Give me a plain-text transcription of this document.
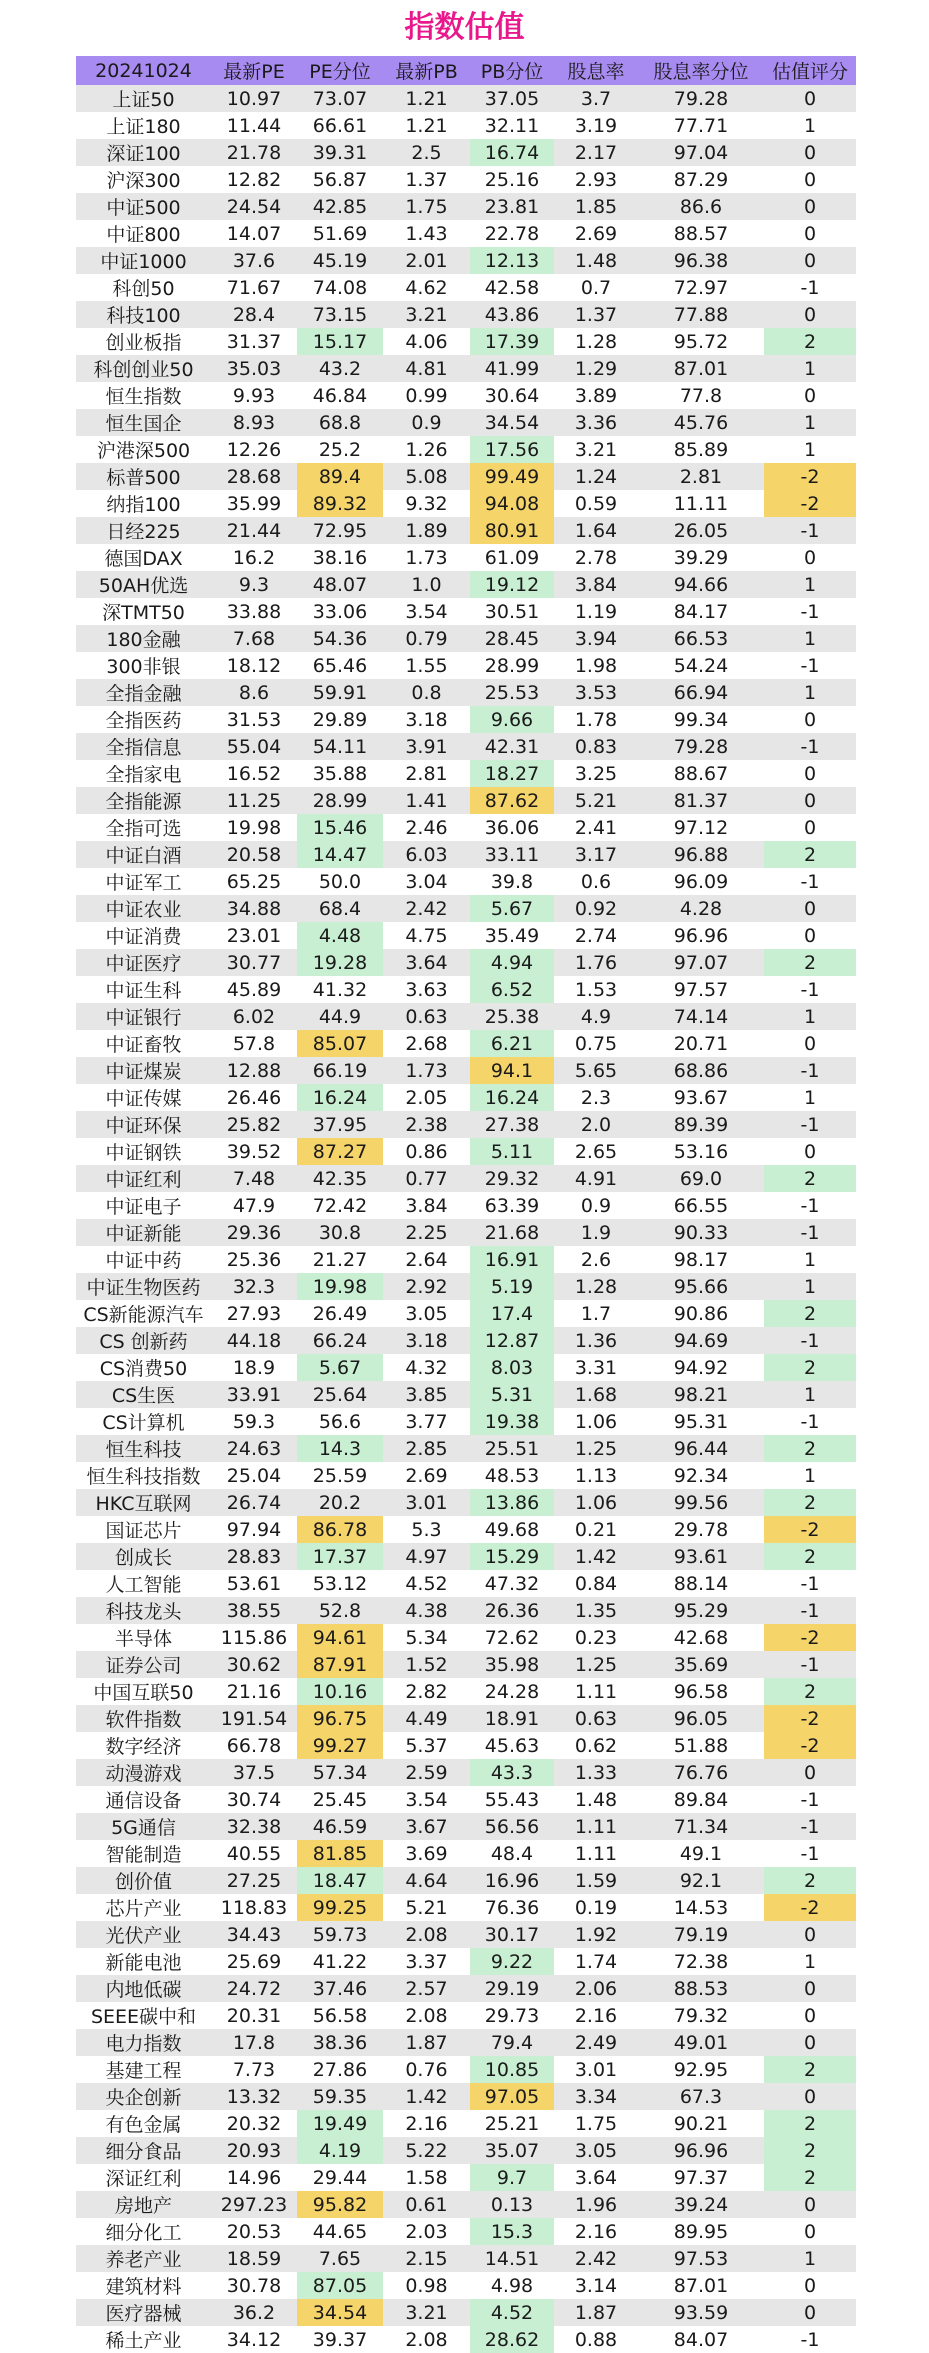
指数估值
20241024	最新PE	PE分位	最新PB	PB分位	股息率	股息率分位	估值评分
上证50	10.97	73.07	1.21	37.05	3.7	79.28	0
上证180	11.44	66.61	1.21	32.11	3.19	77.71	1
深证100	21.78	39.31	2.5	16.74	2.17	97.04	0
沪深300	12.82	56.87	1.37	25.16	2.93	87.29	0
中证500	24.54	42.85	1.75	23.81	1.85	86.6	0
中证800	14.07	51.69	1.43	22.78	2.69	88.57	0
中证1000	37.6	45.19	2.01	12.13	1.48	96.38	0
科创50	71.67	74.08	4.62	42.58	0.7	72.97	-1
科技100	28.4	73.15	3.21	43.86	1.37	77.88	0
创业板指	31.37	15.17	4.06	17.39	1.28	95.72	2
科创创业50	35.03	43.2	4.81	41.99	1.29	87.01	1
恒生指数	9.93	46.84	0.99	30.64	3.89	77.8	0
恒生国企	8.93	68.8	0.9	34.54	3.36	45.76	1
沪港深500	12.26	25.2	1.26	17.56	3.21	85.89	1
标普500	28.68	89.4	5.08	99.49	1.24	2.81	-2
纳指100	35.99	89.32	9.32	94.08	0.59	11.11	-2
日经225	21.44	72.95	1.89	80.91	1.64	26.05	-1
德国DAX	16.2	38.16	1.73	61.09	2.78	39.29	0
50AH优选	9.3	48.07	1.0	19.12	3.84	94.66	1
深TMT50	33.88	33.06	3.54	30.51	1.19	84.17	-1
180金融	7.68	54.36	0.79	28.45	3.94	66.53	1
300非银	18.12	65.46	1.55	28.99	1.98	54.24	-1
全指金融	8.6	59.91	0.8	25.53	3.53	66.94	1
全指医药	31.53	29.89	3.18	9.66	1.78	99.34	0
全指信息	55.04	54.11	3.91	42.31	0.83	79.28	-1
全指家电	16.52	35.88	2.81	18.27	3.25	88.67	0
全指能源	11.25	28.99	1.41	87.62	5.21	81.37	0
全指可选	19.98	15.46	2.46	36.06	2.41	97.12	0
中证白酒	20.58	14.47	6.03	33.11	3.17	96.88	2
中证军工	65.25	50.0	3.04	39.8	0.6	96.09	-1
中证农业	34.88	68.4	2.42	5.67	0.92	4.28	0
中证消费	23.01	4.48	4.75	35.49	2.74	96.96	0
中证医疗	30.77	19.28	3.64	4.94	1.76	97.07	2
中证生科	45.89	41.32	3.63	6.52	1.53	97.57	-1
中证银行	6.02	44.9	0.63	25.38	4.9	74.14	1
中证畜牧	57.8	85.07	2.68	6.21	0.75	20.71	0
中证煤炭	12.88	66.19	1.73	94.1	5.65	68.86	-1
中证传媒	26.46	16.24	2.05	16.24	2.3	93.67	1
中证环保	25.82	37.95	2.38	27.38	2.0	89.39	-1
中证钢铁	39.52	87.27	0.86	5.11	2.65	53.16	0
中证红利	7.48	42.35	0.77	29.32	4.91	69.0	2
中证电子	47.9	72.42	3.84	63.39	0.9	66.55	-1
中证新能	29.36	30.8	2.25	21.68	1.9	90.33	-1
中证中药	25.36	21.27	2.64	16.91	2.6	98.17	1
中证生物医药	32.3	19.98	2.92	5.19	1.28	95.66	1
CS新能源汽车	27.93	26.49	3.05	17.4	1.7	90.86	2
CS 创新药	44.18	66.24	3.18	12.87	1.36	94.69	-1
CS消费50	18.9	5.67	4.32	8.03	3.31	94.92	2
CS生医	33.91	25.64	3.85	5.31	1.68	98.21	1
CS计算机	59.3	56.6	3.77	19.38	1.06	95.31	-1
恒生科技	24.63	14.3	2.85	25.51	1.25	96.44	2
恒生科技指数	25.04	25.59	2.69	48.53	1.13	92.34	1
HKC互联网	26.74	20.2	3.01	13.86	1.06	99.56	2
国证芯片	97.94	86.78	5.3	49.68	0.21	29.78	-2
创成长	28.83	17.37	4.97	15.29	1.42	93.61	2
人工智能	53.61	53.12	4.52	47.32	0.84	88.14	-1
科技龙头	38.55	52.8	4.38	26.36	1.35	95.29	-1
半导体	115.86	94.61	5.34	72.62	0.23	42.68	-2
证券公司	30.62	87.91	1.52	35.98	1.25	35.69	-1
中国互联50	21.16	10.16	2.82	24.28	1.11	96.58	2
软件指数	191.54	96.75	4.49	18.91	0.63	96.05	-2
数字经济	66.78	99.27	5.37	45.63	0.62	51.88	-2
动漫游戏	37.5	57.34	2.59	43.3	1.33	76.76	0
通信设备	30.74	25.45	3.54	55.43	1.48	89.84	-1
5G通信	32.38	46.59	3.67	56.56	1.11	71.34	-1
智能制造	40.55	81.85	3.69	48.4	1.11	49.1	-1
创价值	27.25	18.47	4.64	16.96	1.59	92.1	2
芯片产业	118.83	99.25	5.21	76.36	0.19	14.53	-2
光伏产业	34.43	59.73	2.08	30.17	1.92	79.19	0
新能电池	25.69	41.22	3.37	9.22	1.74	72.38	1
内地低碳	24.72	37.46	2.57	29.19	2.06	88.53	0
SEEE碳中和	20.31	56.58	2.08	29.73	2.16	79.32	0
电力指数	17.8	38.36	1.87	79.4	2.49	49.01	0
基建工程	7.73	27.86	0.76	10.85	3.01	92.95	2
央企创新	13.32	59.35	1.42	97.05	3.34	67.3	0
有色金属	20.32	19.49	2.16	25.21	1.75	90.21	2
细分食品	20.93	4.19	5.22	35.07	3.05	96.96	2
深证红利	14.96	29.44	1.58	9.7	3.64	97.37	2
房地产	297.23	95.82	0.61	0.13	1.96	39.24	0
细分化工	20.53	44.65	2.03	15.3	2.16	89.95	0
养老产业	18.59	7.65	2.15	14.51	2.42	97.53	1
建筑材料	30.78	87.05	0.98	4.98	3.14	87.01	0
医疗器械	36.2	34.54	3.21	4.52	1.87	93.59	0
稀土产业	34.12	39.37	2.08	28.62	0.88	84.07	-1
